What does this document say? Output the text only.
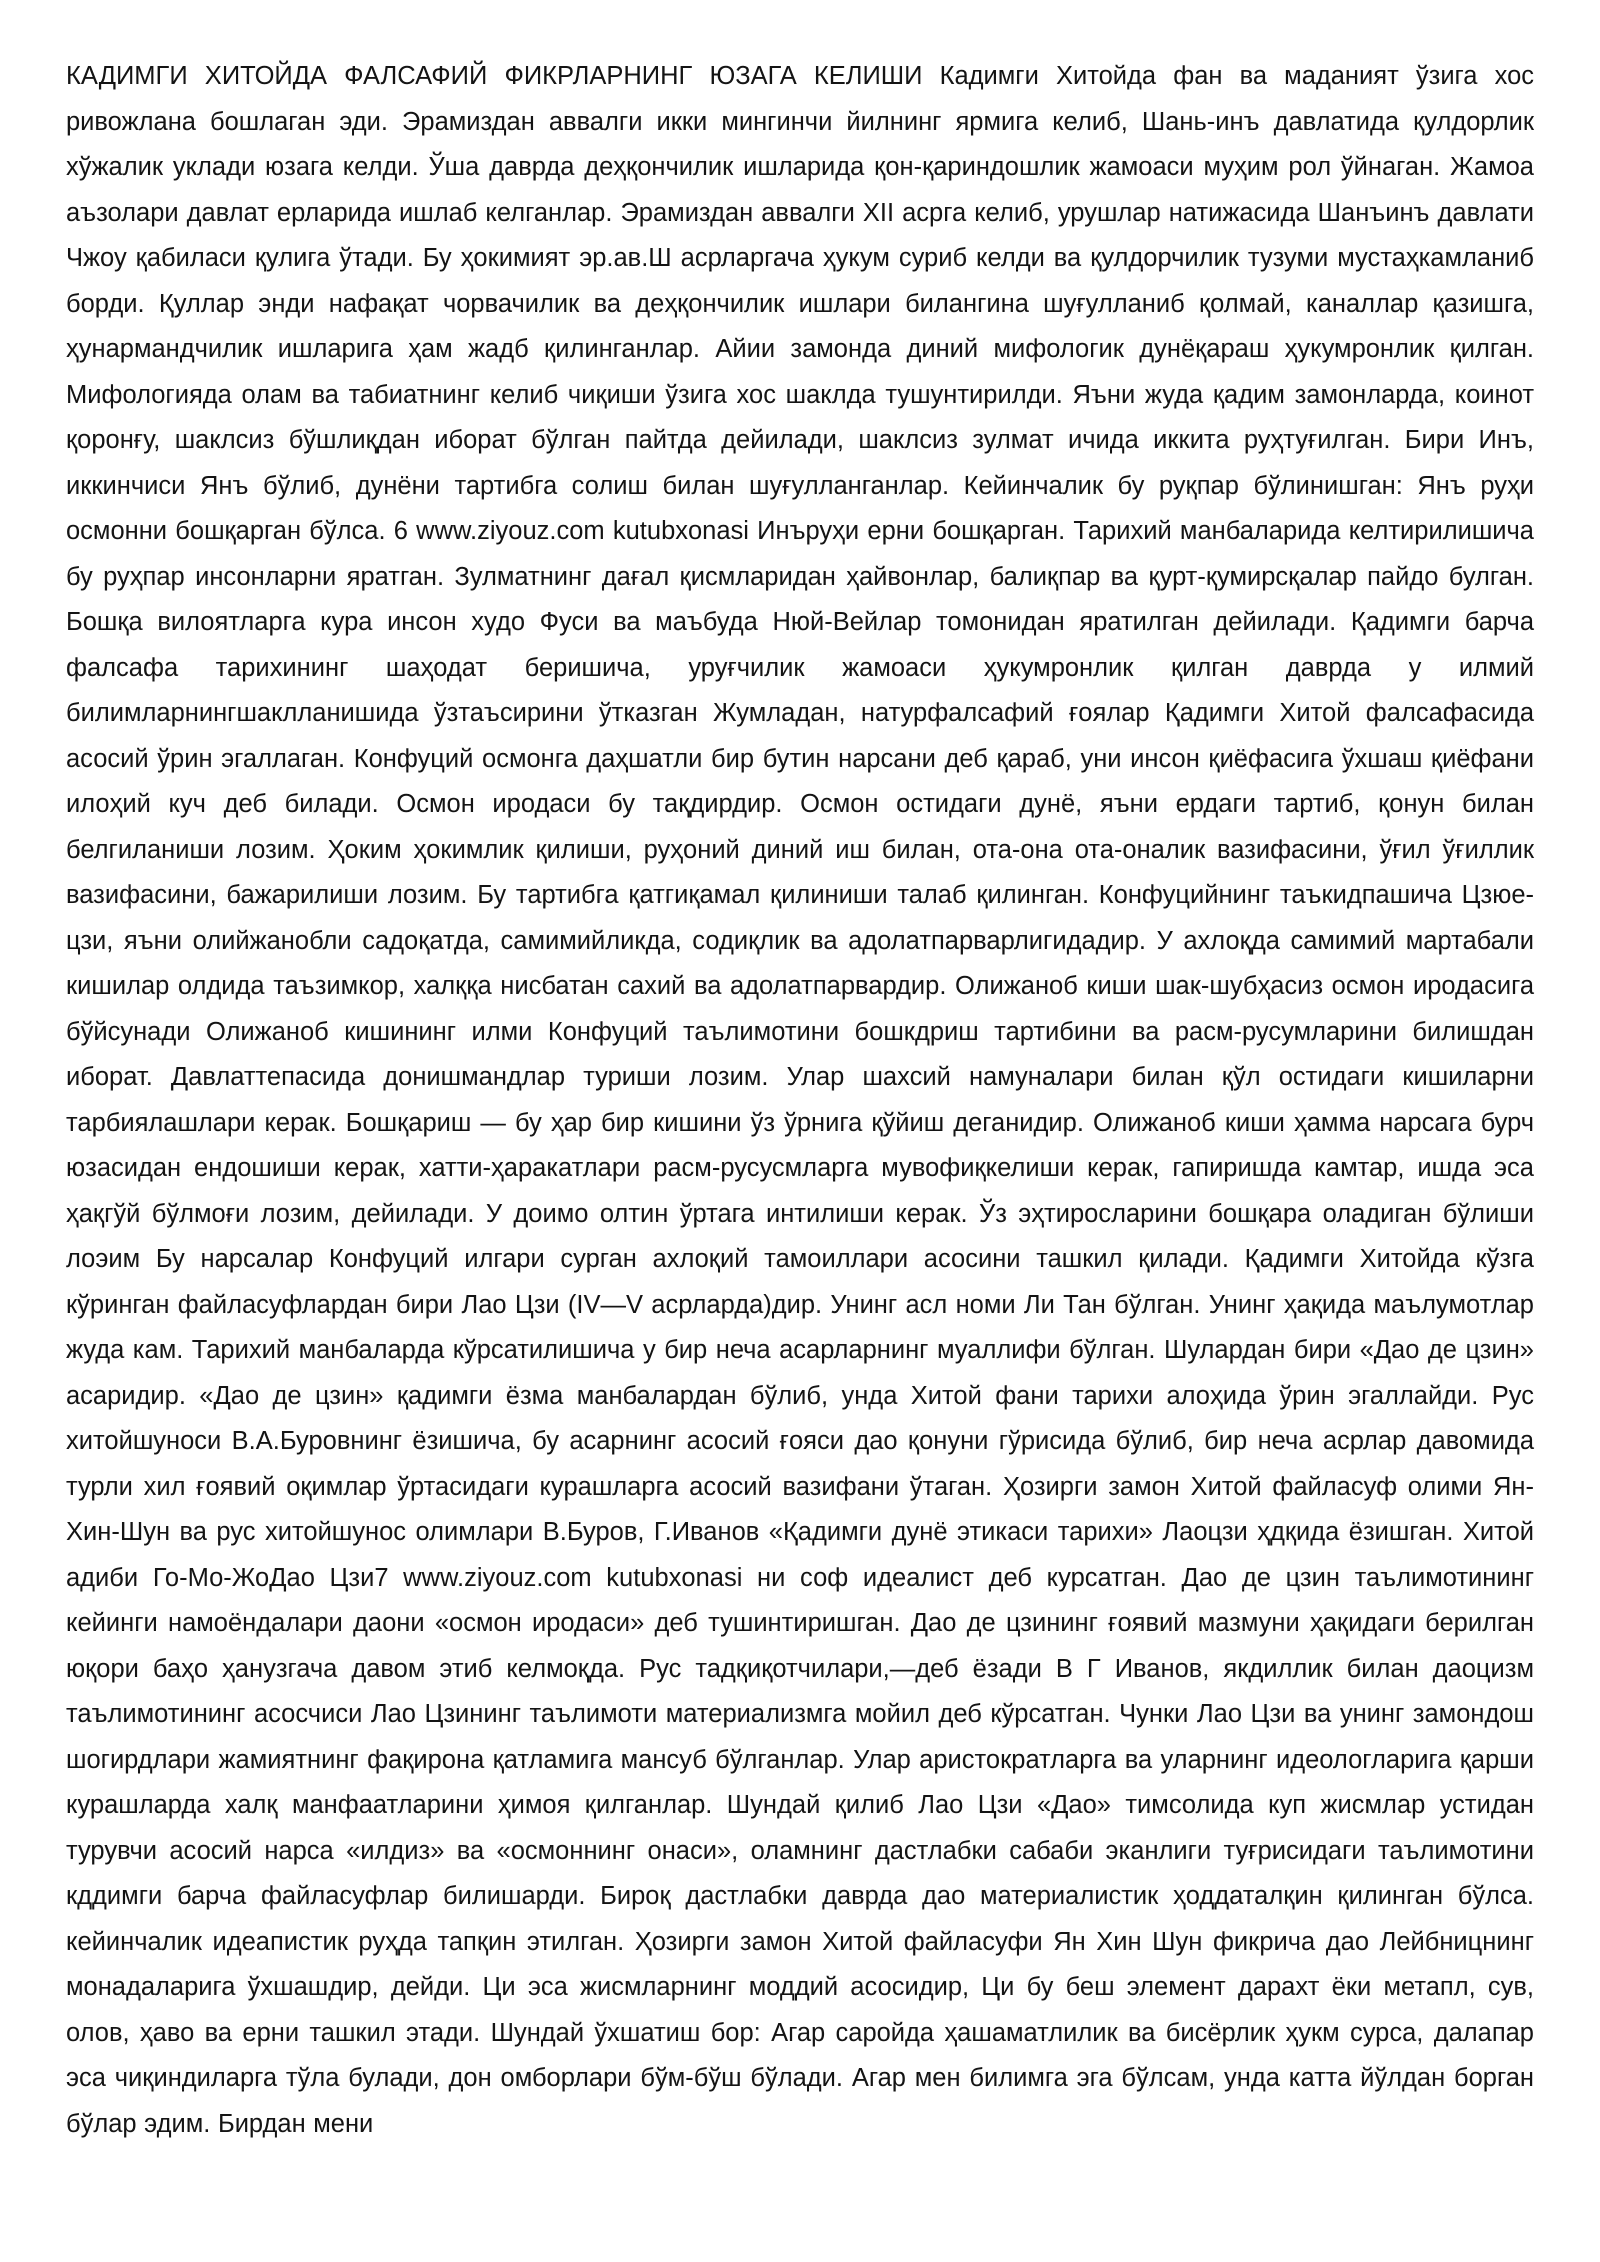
КАДИМГИ ХИТОЙДА ФАЛСАФИЙ ФИКРЛАРНИНГ ЮЗАГА КЕЛИШИ Кадимги Хитойда фан ва маданият ўзига хос ривожлана бошлаган эди. Эрамиздан аввалги икки мингинчи йилнинг ярмига келиб, Шань-инъ давлатида қулдорлик хўжалик уклади юзага келди. Ўша даврда деҳқончилик ишларида қон-қариндошлик жамоаси муҳим рол ўйнаган. Жамоа аъзолари давлат ерларида ишлаб келганлар. Эрамиздан аввалги XII асрга келиб, урушлар натижасида Шанъинъ давлати Чжоу қабиласи қулига ўтади. Бу ҳокимият эр.ав.Ш асрларгача ҳукум суриб келди ва қулдорчилик тузуми мустаҳкамланиб борди. Қуллар энди нафақат чорвачилик ва деҳқончилик ишлари билангина шуғулланиб қолмай, каналлар қазишга, ҳунармандчилик ишларига ҳам жадб қилинганлар. Айии замонда диний мифологик дунёқараш ҳукумронлик қилган. Мифологияда олам ва табиатнинг келиб чиқиши ўзига хос шаклда тушунтирилди. Яъни жуда қадим замонларда, коинот қоронғу, шаклсиз бўшлиқдан иборат бўлган пайтда дейилади, шаклсиз зулмат ичида иккита руҳтуғилган. Бири Инъ, иккинчиси Янъ бўлиб, дунёни тартибга солиш билан шуғулланганлар. Кейинчалик бу руқпар бўлинишган: Янъ руҳи осмонни бошқарган бўлса. 6 www.ziyouz.com kutubxonasi Инъруҳи ерни бошқарган. Тарихий манбаларида келтирилишича бу руҳпар инсонларни яратган. Зулматнинг дағал қисмларидан ҳайвонлар, балиқпар ва қурт-қумирсқалар пайдо булган. Бошқа вилоятларга кура инсон худо Фуси ва маъбуда Нюй-Вейлар томонидан яратилган дейилади. Қадимги барча фалсафа тарихининг шаҳодат беришича, уруғчилик жамоаси ҳукумронлик қилган даврда у илмий билимларнингшаклланишида ўзтаъсирини ўтказган Жумладан, натурфалсафий ғоялар Қадимги Хитой фалсафасида асосий ўрин эгаллаган. Конфуций осмонга даҳшатли бир бутин нарсани деб қараб, уни инсон қиёфасига ўхшаш қиёфани илоҳий куч деб билади. Осмон иродаси бу тақдирдир. Осмон остидаги дунё, яъни ердаги тартиб, қонун билан белгиланиши лозим. Ҳоким ҳокимлик қилиши, руҳоний диний иш билан, ота-она ота-оналик вазифасини, ўғил ўғиллик вазифасини, бажарилиши лозим. Бу тартибга қатгиқамал қилиниши талаб қилинган. Конфуцийнинг таъкидпашича Цзюе-цзи, яъни олийжанобли садоқатда, самимийликда, содиқлик ва адолатпарварлигидадир. У ахлоқда самимий мартабали кишилар олдида таъзимкор, халққа нисбатан сахий ва адолатпарвардир. Олижаноб киши шак-шубҳасиз осмон иродасига бўйсунади Олижаноб кишининг илми Конфуций таълимотини бошкдриш тартибини ва расм-русумларини билишдан иборат. Давлаттепасида донишмандлар туриши лозим. Улар шахсий намуналари билан қўл остидаги кишиларни тарбиялашлари керак. Бошқариш — бу ҳар бир кишини ўз ўрнига қўйиш деганидир. Олижаноб киши ҳамма нарсага бурч юзасидан ендошиши керак, хатти-ҳаракатлари расм-русусмларга мувофиқкелиши керак, гапиришда камтар, ишда эса ҳақгўй бўлмоғи лозим, дейилади. У доимо олтин ўртага интилиши керак. Ўз эҳтиросларини бошқара оладиган бўлиши лоэим Бу нарсалар Конфуций илгари сурган ахлоқий тамоиллари асосини ташкил қилади. Қадимги Хитойда кўзга кўринган файласуфлардан бири Лао Цзи (IV—V асрларда)дир. Унинг асл номи Ли Тан бўлган. Унинг ҳақида маълумотлар жуда кам. Тарихий манбаларда кўрсатилишича у бир неча асарларнинг муаллифи бўлган. Шулардан бири «Дао де цзин» асаридир. «Дао де цзин» қадимги ёзма манбалардан бўлиб, унда Хитой фани тарихи алоҳида ўрин эгаллайди. Рус хитойшуноси В.А.Буровнинг ёзишича, бу асарнинг асосий ғояси дао қонуни гўрисида бўлиб, бир неча асрлар давомида турли хил ғоявий оқимлар ўртасидаги курашларга асосий вазифани ўтаган. Ҳозирги замон Хитой файласуф олими Ян-Хин-Шун ва рус хитойшунос олимлари В.Буров, Г.Иванов «Қадимги дунё этикаси тарихи» Лаоцзи ҳдқида ёзишган. Хитой адиби Го-Мо-ЖоДао Цзи7 www.ziyouz.com kutubxonasi ни соф идеалист деб курсатган. Дао де цзин таълимотининг кейинги намоёндалари даони «осмон иродаси» деб тушинтиришган. Дао де цзининг ғоявий мазмуни ҳақидаги берилган юқори баҳо ҳанузгача давом этиб келмоқда. Рус тадқиқотчилари,—деб ёзади В Г Иванов, якдиллик билан даоцизм таълимотининг асосчиси Лао Цзининг таълимоти материализмга мойил деб кўрсатган. Чунки Лао Цзи ва унинг замондош шогирдлари жамиятнинг фақирона қатламига мансуб бўлганлар. Улар аристократларга ва уларнинг идеологларига қарши курашларда халқ манфаатларини ҳимоя қилганлар. Шундай қилиб Лао Цзи «Дао» тимсолида куп жисмлар устидан турувчи асосий нарса «илдиз» ва «осмоннинг онаси», оламнинг дастлабки сабаби эканлиги туғрисидаги таълимотини кддимги барча файласуфлар билишарди. Бироқ дастлабки даврда дао материалистик ҳоддаталқин қилинган бўлса. кейинчалик идеапистик руҳда тапқин этилган. Ҳозирги замон Хитой файласуфи Ян Хин Шун фикрича дао Лейбницнинг монадаларига ўхшашдир, дейди. Ци эса жисмларнинг моддий асосидир, Ци бу беш элемент дарахт ёки метапл, сув, олов, ҳаво ва ерни ташкил этади. Шундай ўхшатиш бор: Агар саройда ҳашаматлилик ва бисёрлик ҳукм сурса, далапар эса чиқиндиларга тўла булади, дон омборлари бўм-бўш бўлади. Агар мен билимга эга бўлсам, унда катта йўлдан борган бўлар эдим. Бирдан мени
